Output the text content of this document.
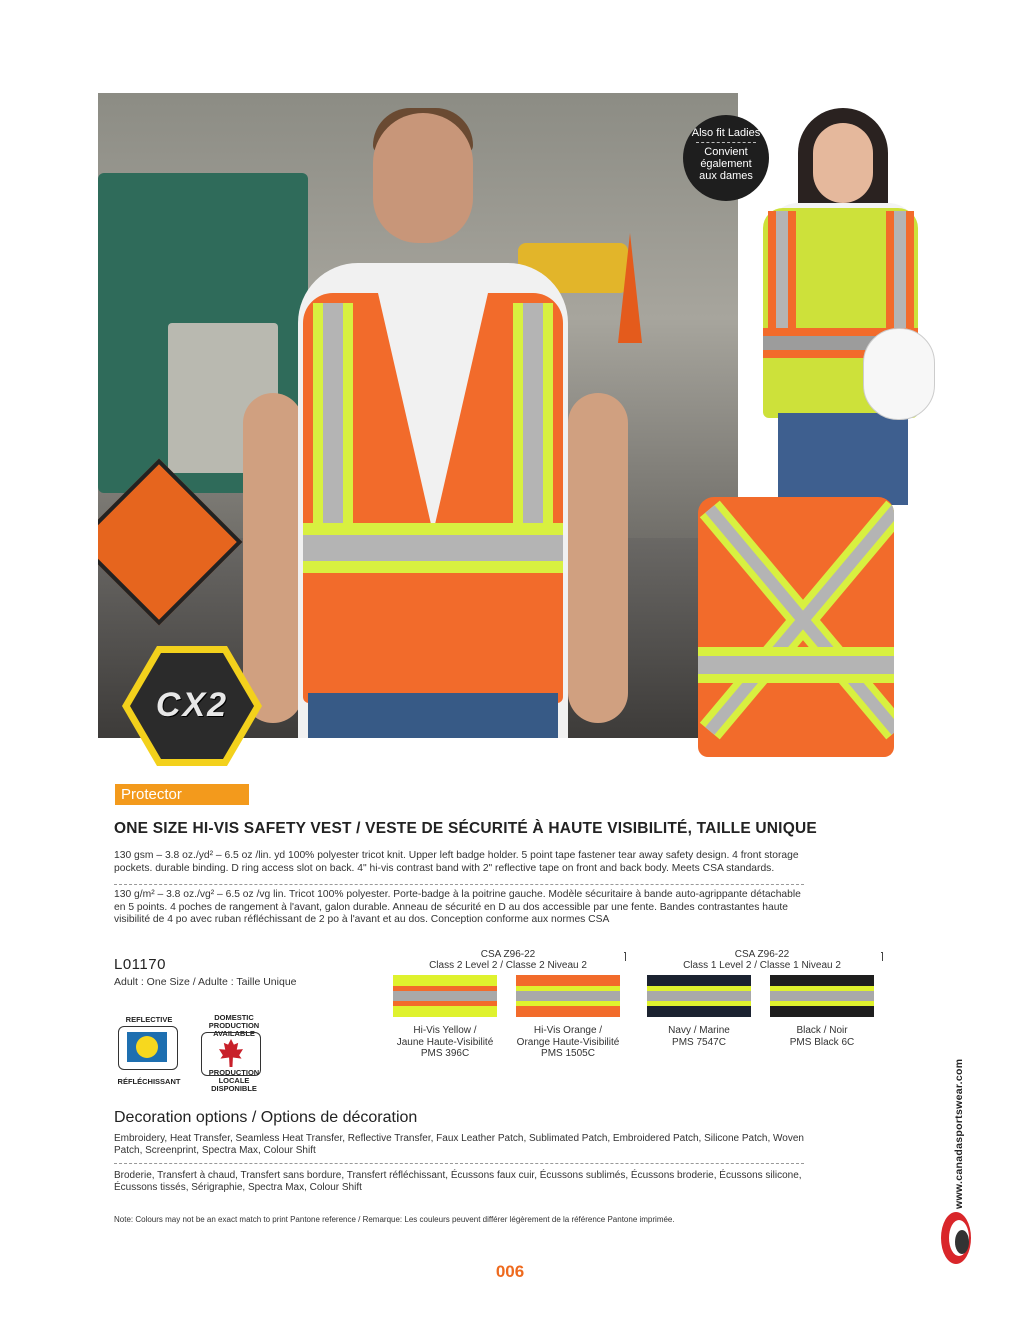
CX2
Also fit Ladies
Convient également aux dames
Protector
ONE SIZE HI-VIS SAFETY VEST / VESTE DE SÉCURITÉ À HAUTE VISIBILITÉ, TAILLE UNIQUE
130 gsm – 3.8 oz./yd² – 6.5 oz /lin. yd 100% polyester tricot knit. Upper left badge holder. 5 point tape fastener tear away safety design. 4 front storage pockets. durable binding. D ring access slot on back. 4" hi-vis contrast band with 2" reflective tape on front and back body. Meets CSA standards.
130 g/m² – 3.8 oz./vg² – 6.5 oz /vg lin. Tricot 100% polyester. Porte-badge à la poitrine gauche. Modèle sécuritaire à bande auto-agrippante détachable en 5 points. 4 poches de rangement à l'avant, galon durable. Anneau de sécurité en D au dos accessible par une fente. Bandes contrastantes haute visibilité de 4 po avec ruban réfléchissant de 2 po à l'avant et au dos. Conception conforme aux normes CSA
L01170
Adult : One Size / Adulte : Taille Unique
REFLECTIVE
RÉFLÉCHISSANT
DOMESTIC PRODUCTION AVAILABLE
PRODUCTION LOCALE DISPONIBLE
CSA Z96-22
Class 2 Level 2 / Classe 2 Niveau 2
CSA Z96-22
Class 1 Level 2 / Classe 1 Niveau 2
Hi-Vis Yellow /
Jaune Haute-Visibilité
PMS 396C
Hi-Vis Orange /
Orange Haute-Visibilité
PMS 1505C
Navy / Marine
PMS 7547C
Black / Noir
PMS Black 6C
Decoration options / Options de décoration
Embroidery, Heat Transfer, Seamless Heat Transfer, Reflective Transfer, Faux Leather Patch, Sublimated Patch, Embroidered Patch, Silicone Patch, Woven Patch, Screenprint, Spectra Max, Colour Shift
Broderie, Transfert à chaud, Transfert sans bordure, Transfert réfléchissant, Écussons faux cuir, Écussons sublimés, Écussons broderie, Écussons silicone, Écussons tissés, Sérigraphie, Spectra Max, Colour Shift
Note: Colours may not be an exact match to print Pantone reference / Remarque: Les couleurs peuvent différer légèrement de la référence Pantone imprimée.
006
www.canadasportswear.com
